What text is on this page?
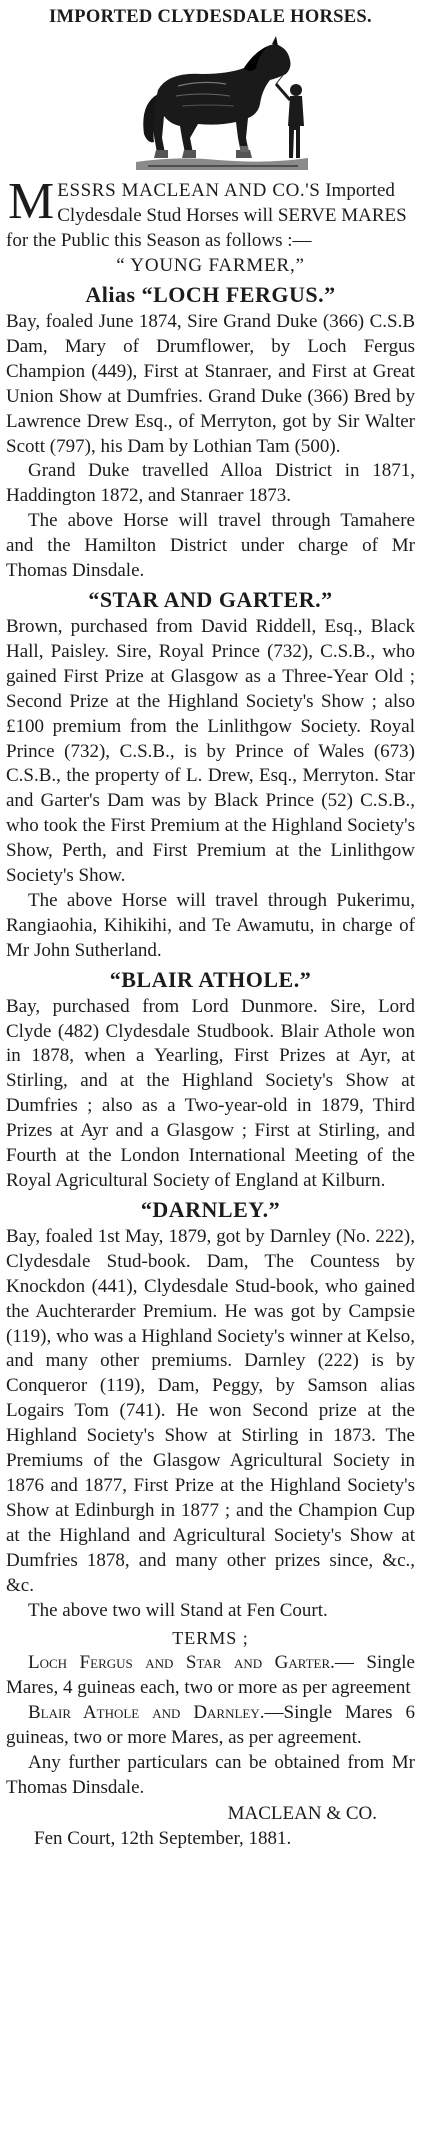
IMPORTED CLYDESDALE HORSES.

MESSRS MACLEAN AND CO.'S Imported Clydesdale Stud Horses will SERVE MARES for the Public this Season as follows :—

“ YOUNG FARMER,”

Alias “LOCH FERGUS.”

Bay, foaled June 1874, Sire Grand Duke (366) C.S.B Dam, Mary of Drumflower, by Loch Fergus Champion (449), First at Stanraer, and First at Great Union Show at Dumfries. Grand Duke (366) Bred by Lawrence Drew Esq., of Merryton, got by Sir Walter Scott (797), his Dam by Lothian Tam (500).

Grand Duke travelled Alloa District in 1871, Haddington 1872, and Stanraer 1873.

The above Horse will travel through Tamahere and the Hamilton District under charge of Mr Thomas Dinsdale.

“STAR AND GARTER.”

Brown, purchased from David Riddell, Esq., Black Hall, Paisley. Sire, Royal Prince (732), C.S.B., who gained First Prize at Glasgow as a Three-Year Old ; Second Prize at the Highland Society's Show ; also £100 premium from the Linlithgow Society. Royal Prince (732), C.S.B., is by Prince of Wales (673) C.S.B., the property of L. Drew, Esq., Merryton. Star and Garter's Dam was by Black Prince (52) C.S.B., who took the First Premium at the Highland Society's Show, Perth, and First Premium at the Linlithgow Society's Show.

The above Horse will travel through Pukerimu, Rangiaohia, Kihikihi, and Te Awamutu, in charge of Mr John Sutherland.

“BLAIR ATHOLE.”

Bay, purchased from Lord Dunmore. Sire, Lord Clyde (482) Clydesdale Studbook. Blair Athole won in 1878, when a Yearling, First Prizes at Ayr, at Stirling, and at the Highland Society's Show at Dumfries ; also as a Two-year-old in 1879, Third Prizes at Ayr and a Glasgow ; First at Stirling, and Fourth at the London International Meeting of the Royal Agricultural Society of England at Kilburn.

“DARNLEY.”

Bay, foaled 1st May, 1879, got by Darnley (No. 222), Clydesdale Stud-book. Dam, The Countess by Knockdon (441), Clydesdale Stud-book, who gained the Auchterarder Premium. He was got by Campsie (119), who was a Highland Society's winner at Kelso, and many other premiums. Darnley (222) is by Conqueror (119), Dam, Peggy, by Samson alias Logairs Tom (741). He won Second prize at the Highland Society's Show at Stirling in 1873. The Premiums of the Glasgow Agricultural Society in 1876 and 1877, First Prize at the Highland Society's Show at Edinburgh in 1877 ; and the Champion Cup at the Highland and Agricultural Society's Show at Dumfries 1878, and many other prizes since, &c., &c.

The above two will Stand at Fen Court.

TERMS ;

Loch Fergus and Star and Garter.— Single Mares, 4 guineas each, two or more as per agreement

Blair Athole and Darnley.—Single Mares 6 guineas, two or more Mares, as per agreement.

Any further particulars can be obtained from Mr Thomas Dinsdale.

MACLEAN & CO.

Fen Court, 12th September, 1881.
